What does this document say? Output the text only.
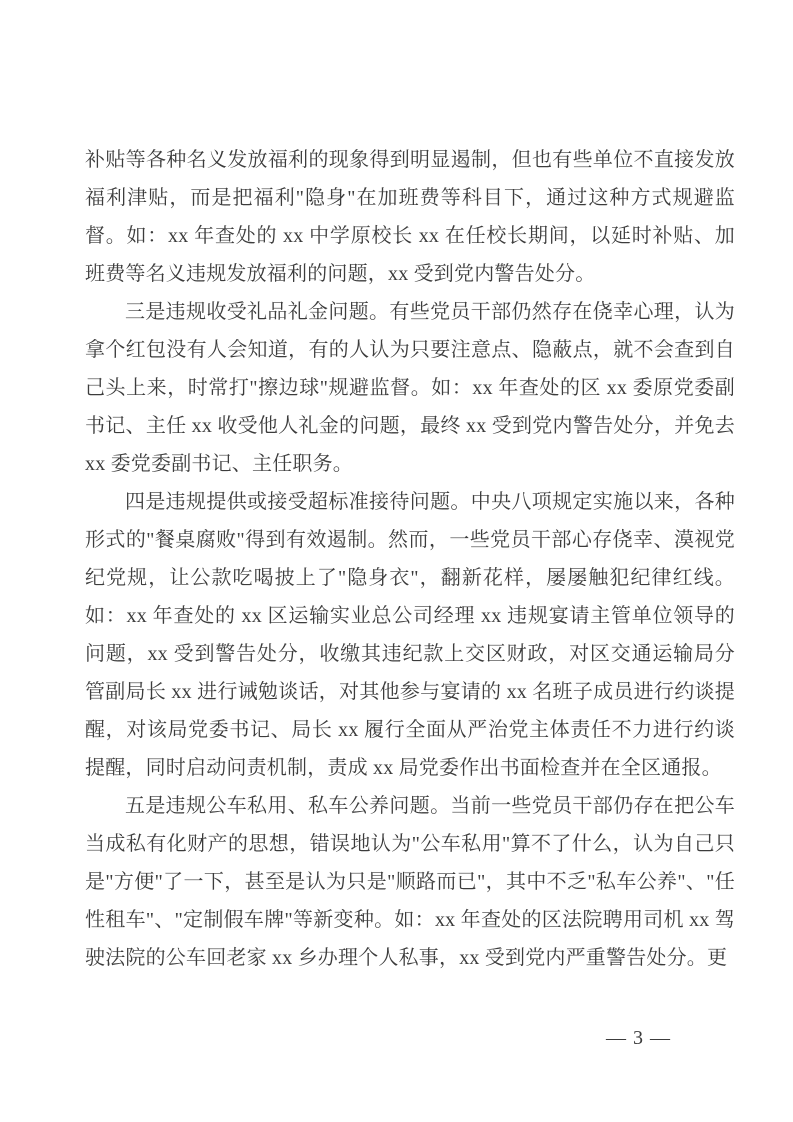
补贴等各种名义发放福利的现象得到明显遏制，但也有些单位不直接发放福利津贴，而是把福利"隐身"在加班费等科目下，通过这种方式规避监督。如：xx 年查处的 xx 中学原校长 xx 在任校长期间，以延时补贴、加班费等名义违规发放福利的问题，xx 受到党内警告处分。

三是违规收受礼品礼金问题。有些党员干部仍然存在侥幸心理，认为拿个红包没有人会知道，有的人认为只要注意点、隐蔽点，就不会查到自己头上来，时常打"擦边球"规避监督。如：xx 年查处的区 xx 委原党委副书记、主任 xx 收受他人礼金的问题，最终 xx 受到党内警告处分，并免去 xx 委党委副书记、主任职务。

四是违规提供或接受超标准接待问题。中央八项规定实施以来，各种形式的"餐桌腐败"得到有效遏制。然而，一些党员干部心存侥幸、漠视党纪党规，让公款吃喝披上了"隐身衣"，翻新花样，屡屡触犯纪律红线。如：xx 年查处的 xx 区运输实业总公司经理 xx 违规宴请主管单位领导的问题，xx 受到警告处分，收缴其违纪款上交区财政，对区交通运输局分管副局长 xx 进行诫勉谈话，对其他参与宴请的 xx 名班子成员进行约谈提醒，对该局党委书记、局长 xx 履行全面从严治党主体责任不力进行约谈提醒，同时启动问责机制，责成 xx 局党委作出书面检查并在全区通报。

五是违规公车私用、私车公养问题。当前一些党员干部仍存在把公车当成私有化财产的思想，错误地认为"公车私用"算不了什么，认为自己只是"方便"了一下，甚至是认为只是"顺路而已"，其中不乏"私车公养"、"任性租车"、"定制假车牌"等新变种。如：xx 年查处的区法院聘用司机 xx 驾驶法院的公车回老家 xx 乡办理个人私事，xx 受到党内严重警告处分。更

— 3 —
